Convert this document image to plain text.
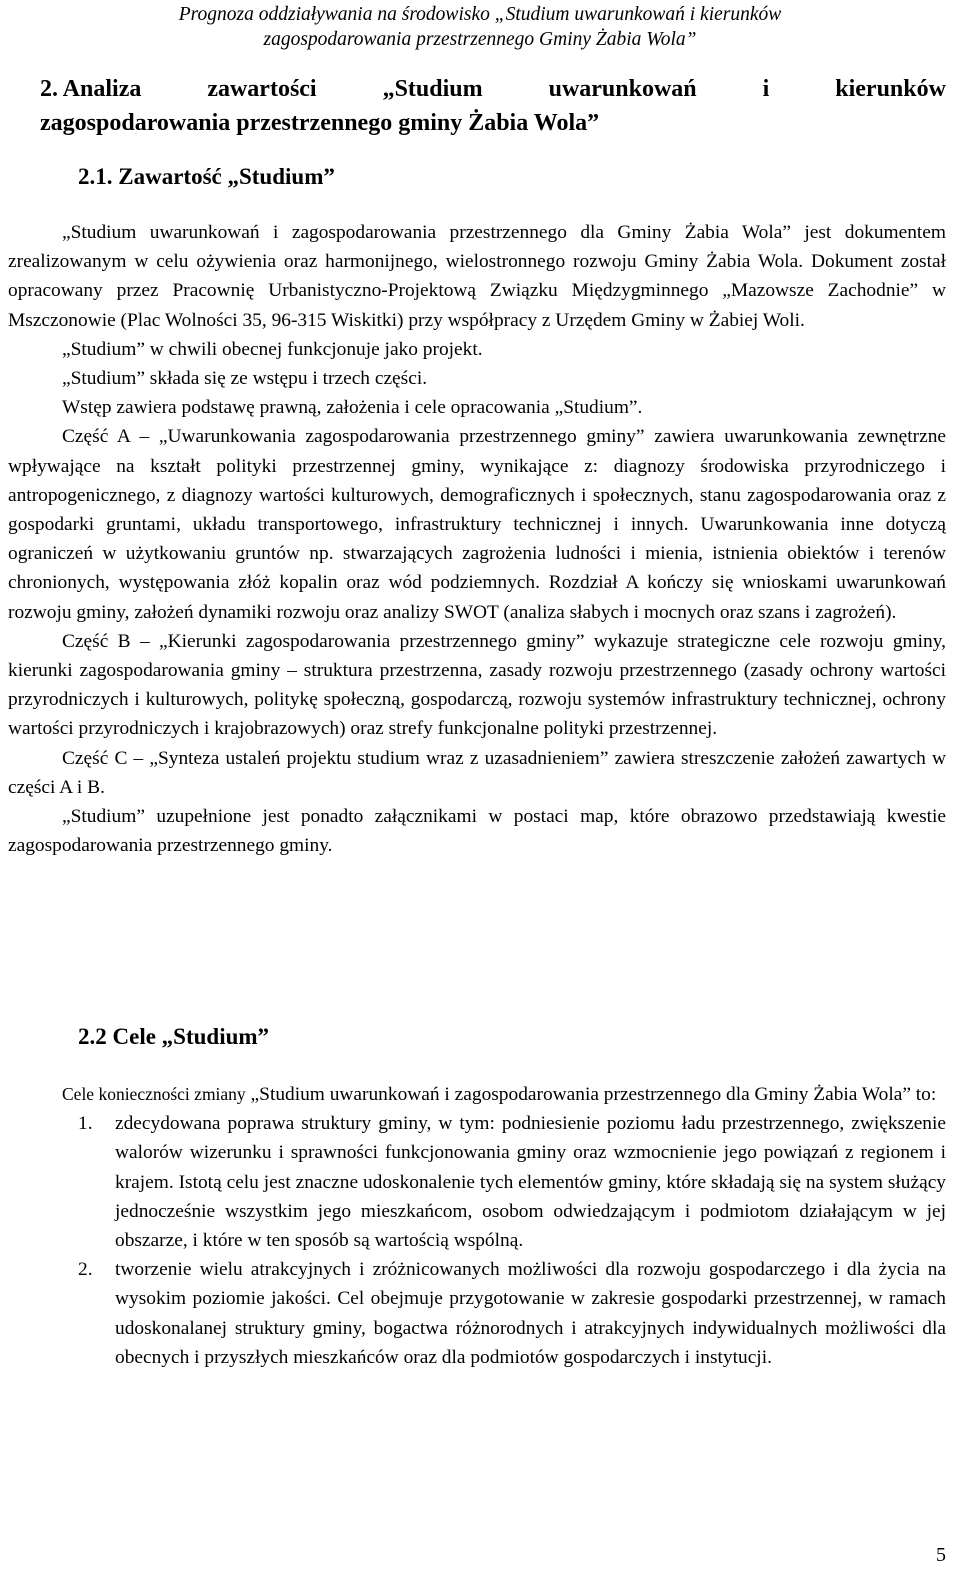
Prognoza oddziaływania na środowisko „Studium uwarunkowań i kierunków
zagospodarowania przestrzennego Gminy Żabia Wola”
2. Analiza	zawartości	„Studium	uwarunkowań	i	kierunków
zagospodarowania przestrzennego gminy Żabia Wola”
2.1. Zawartość „Studium”

„Studium uwarunkowań i zagospodarowania przestrzennego dla Gminy Żabia Wola” jest dokumentem zrealizowanym w celu ożywienia oraz harmonijnego, wielostronnego rozwoju Gminy Żabia Wola. Dokument został opracowany przez Pracownię Urbanistyczno-Projektową Związku Międzygminnego „Mazowsze Zachodnie” w Mszczonowie (Plac Wolności 35, 96-315 Wiskitki) przy współpracy z Urzędem Gminy w Żabiej Woli.

„Studium” w chwili obecnej funkcjonuje jako projekt.

„Studium” składa się ze wstępu i trzech części.

Wstęp zawiera podstawę prawną, założenia i cele opracowania „Studium”.

Część A – „Uwarunkowania zagospodarowania przestrzennego gminy” zawiera uwarunkowania zewnętrzne wpływające na kształt polityki przestrzennej gminy, wynikające z: diagnozy środowiska przyrodniczego i antropogenicznego, z diagnozy wartości kulturowych, demograficznych i społecznych, stanu zagospodarowania oraz z gospodarki gruntami, układu transportowego, infrastruktury technicznej i innych. Uwarunkowania inne dotyczą ograniczeń w użytkowaniu gruntów np. stwarzających zagrożenia ludności i mienia, istnienia obiektów i terenów chronionych, występowania złóż kopalin oraz wód podziemnych. Rozdział A kończy się wnioskami uwarunkowań rozwoju gminy, założeń dynamiki rozwoju oraz analizy SWOT (analiza słabych i mocnych oraz szans i zagrożeń).

Część B – „Kierunki zagospodarowania przestrzennego gminy” wykazuje strategiczne cele rozwoju gminy, kierunki zagospodarowania gminy – struktura przestrzenna, zasady rozwoju przestrzennego (zasady ochrony wartości przyrodniczych i kulturowych, politykę społeczną, gospodarczą, rozwoju systemów infrastruktury technicznej, ochrony wartości przyrodniczych i krajobrazowych) oraz strefy funkcjonalne polityki przestrzennej.

Część C – „Synteza ustaleń projektu studium wraz z uzasadnieniem” zawiera streszczenie założeń zawartych w części A i B.

„Studium” uzupełnione jest ponadto załącznikami w postaci map, które obrazowo przedstawiają kwestie zagospodarowania przestrzennego gminy.

2.2 Cele „Studium”

Cele konieczności zmiany „Studium uwarunkowań i zagospodarowania przestrzennego dla Gminy Żabia Wola” to:

1. zdecydowana poprawa struktury gminy, w tym: podniesienie poziomu ładu przestrzennego, zwiększenie walorów wizerunku i sprawności funkcjonowania gminy oraz wzmocnienie jego powiązań z regionem i krajem. Istotą celu jest znaczne udoskonalenie tych elementów gminy, które składają się na system służący jednocześnie wszystkim jego mieszkańcom, osobom odwiedzającym i podmiotom działającym w jej obszarze, i które w ten sposób są wartością wspólną.
2. tworzenie wielu atrakcyjnych i zróżnicowanych możliwości dla rozwoju gospodarczego i dla życia na wysokim poziomie jakości. Cel obejmuje przygotowanie w zakresie gospodarki przestrzennej, w ramach udoskonalanej struktury gminy, bogactwa różnorodnych i atrakcyjnych indywidualnych możliwości dla obecnych i przyszłych mieszkańców oraz dla podmiotów gospodarczych i instytucji.
5
